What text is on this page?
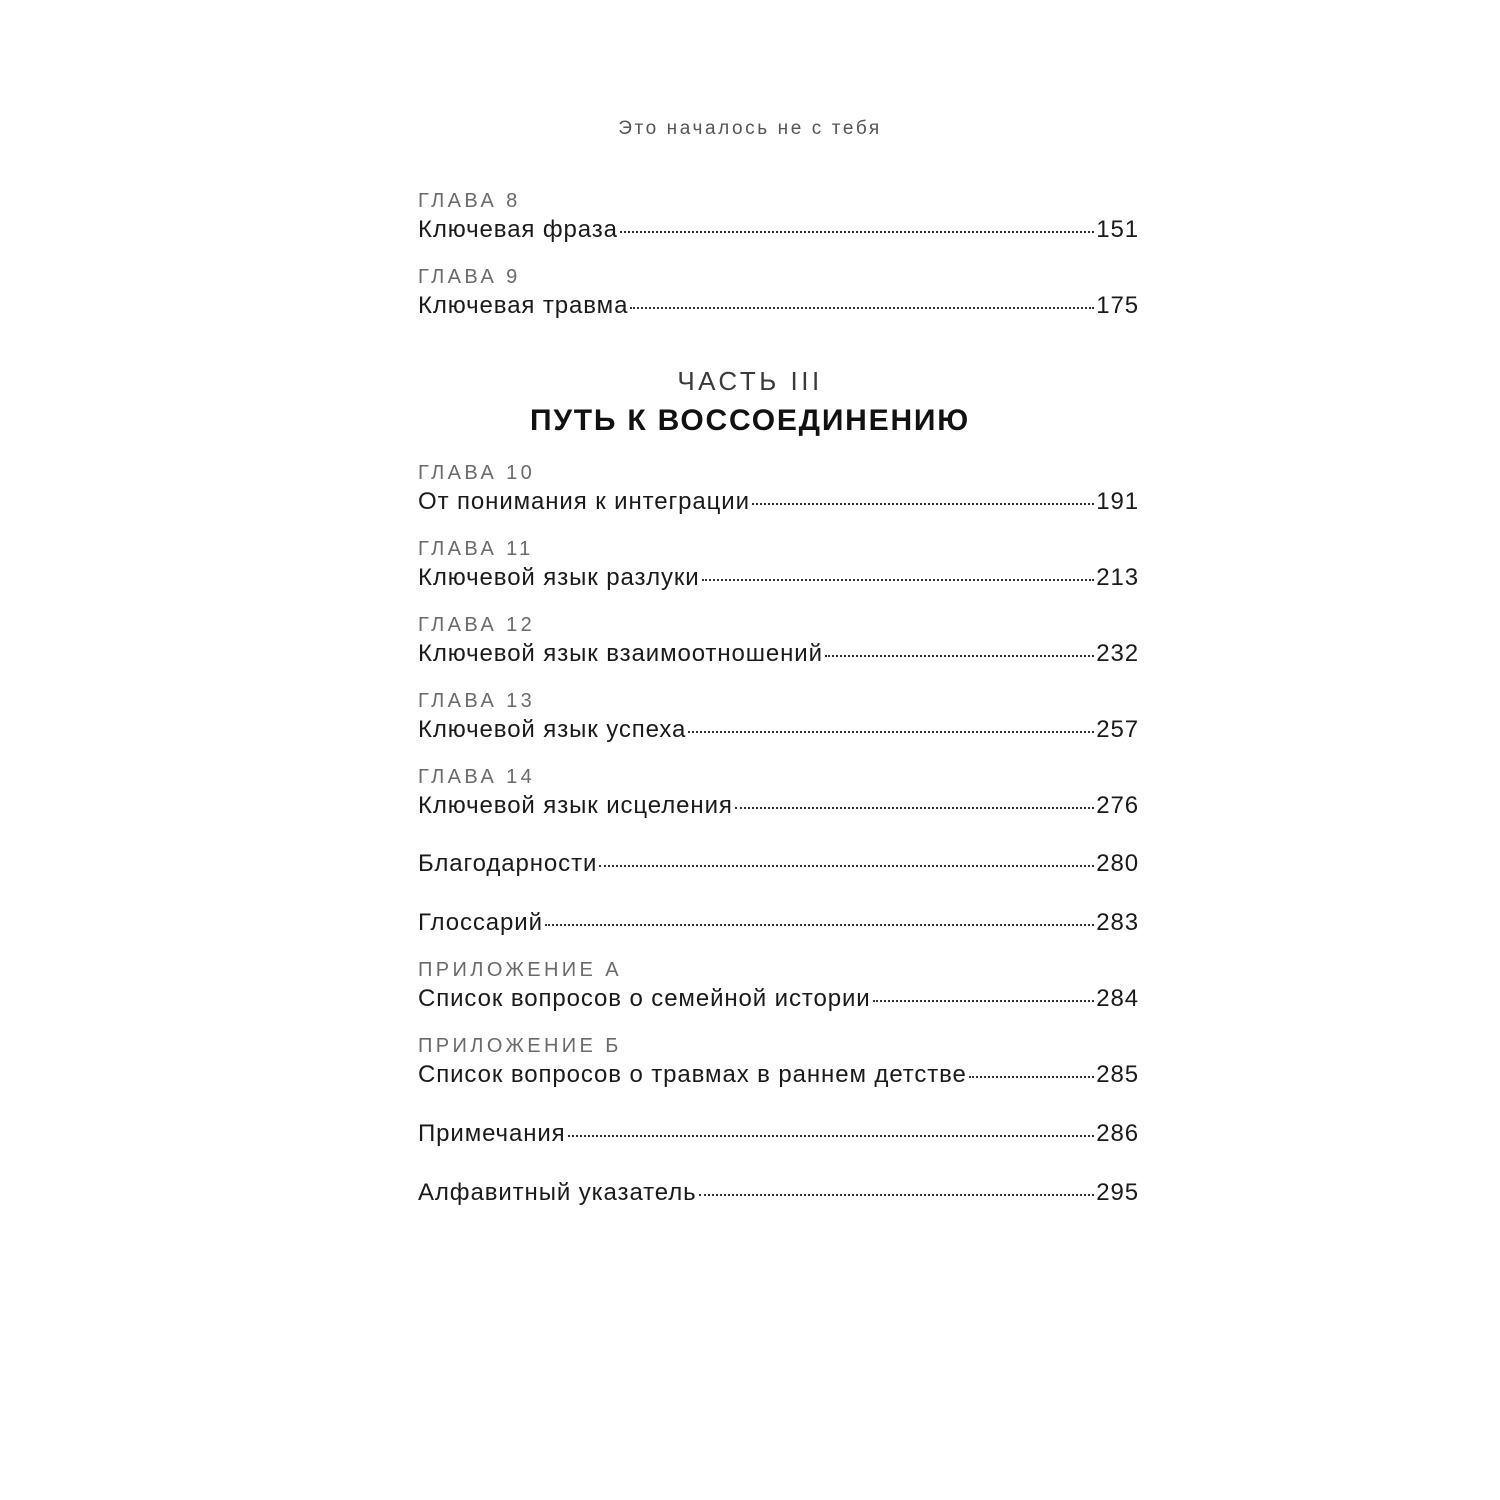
Это началось не с тебя
ГЛАВА 8
Ключевая фраза	151
ГЛАВА 9
Ключевая травма	175
ЧАСТЬ III
ПУТЬ К ВОССОЕДИНЕНИЮ
ГЛАВА 10
От понимания к интеграции	191
ГЛАВА 11
Ключевой язык разлуки	213
ГЛАВА 12
Ключевой язык взаимоотношений	232
ГЛАВА 13
Ключевой язык успеха	257
ГЛАВА 14
Ключевой язык исцеления	276
Благодарности	280
Глоссарий	283
ПРИЛОЖЕНИЕ А
Список вопросов о семейной истории	284
ПРИЛОЖЕНИЕ Б
Список вопросов о травмах в раннем детстве	285
Примечания	286
Алфавитный указатель	295
